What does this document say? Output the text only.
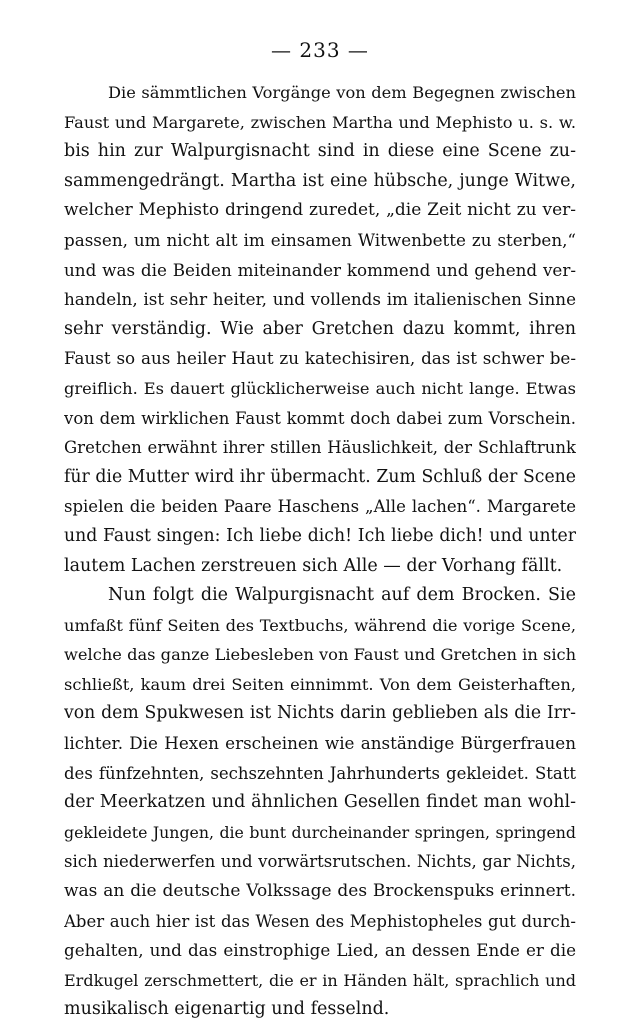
— 233 —
Die sämmtlichen Vorgänge von dem Begegnen zwischen
Faust und Margarete, zwischen Martha und Mephisto u. s. w.
bis hin zur Walpurgisnacht sind in diese eine Scene zu-
sammengedrängt. Martha ist eine hübsche, junge Witwe,
welcher Mephisto dringend zuredet, „die Zeit nicht zu ver-
passen, um nicht alt im einsamen Witwenbette zu sterben,“
und was die Beiden miteinander kommend und gehend ver-
handeln, ist sehr heiter, und vollends im italienischen Sinne
sehr verständig. Wie aber Gretchen dazu kommt, ihren
Faust so aus heiler Haut zu katechisiren, das ist schwer be-
greiflich. Es dauert glücklicherweise auch nicht lange. Etwas
von dem wirklichen Faust kommt doch dabei zum Vorschein.
Gretchen erwähnt ihrer stillen Häuslichkeit, der Schlaftrunk
für die Mutter wird ihr übermacht. Zum Schluß der Scene
spielen die beiden Paare Haschens „Alle lachen“. Margarete
und Faust singen: Ich liebe dich! Ich liebe dich! und unter
lautem Lachen zerstreuen sich Alle — der Vorhang fällt.
Nun folgt die Walpurgisnacht auf dem Brocken. Sie
umfaßt fünf Seiten des Textbuchs, während die vorige Scene,
welche das ganze Liebesleben von Faust und Gretchen in sich
schließt, kaum drei Seiten einnimmt. Von dem Geisterhaften,
von dem Spukwesen ist Nichts darin geblieben als die Irr-
lichter. Die Hexen erscheinen wie anständige Bürgerfrauen
des fünfzehnten, sechszehnten Jahrhunderts gekleidet. Statt
der Meerkatzen und ähnlichen Gesellen findet man wohl-
gekleidete Jungen, die bunt durcheinander springen, springend
sich niederwerfen und vorwärtsrutschen. Nichts, gar Nichts,
was an die deutsche Volkssage des Brockenspuks erinnert.
Aber auch hier ist das Wesen des Mephistopheles gut durch-
gehalten, und das einstrophige Lied, an dessen Ende er die
Erdkugel zerschmettert, die er in Händen hält, sprachlich und
musikalisch eigenartig und fesselnd.
